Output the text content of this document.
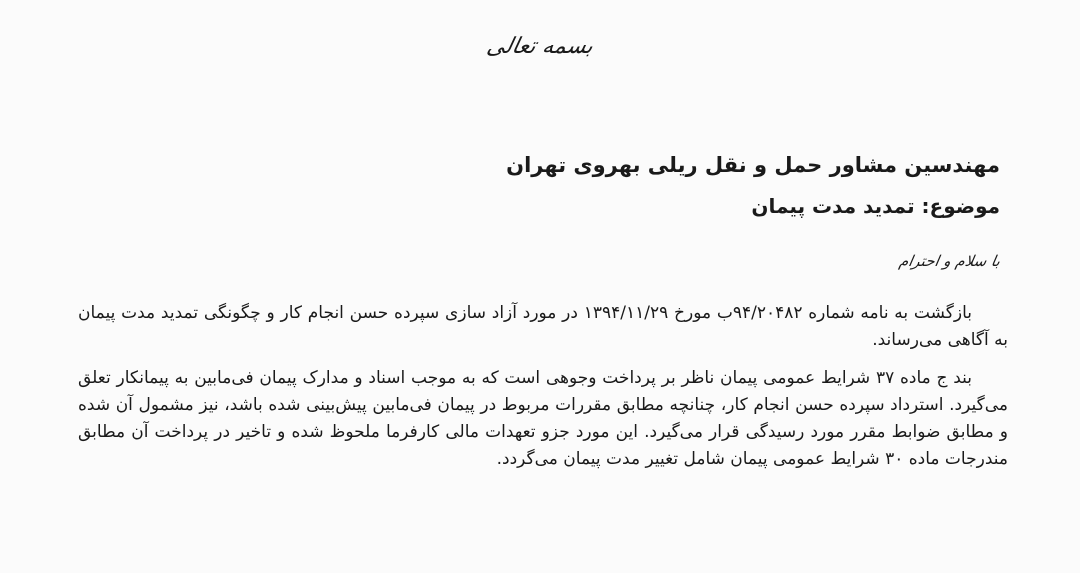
بسمه تعالی
مهندسین مشاور حمل و نقل ریلی بهروی تهران
موضوع: تمدید مدت پیمان
با سلام و احترام

بازگشت به نامه شماره ۹۴/۲۰۴۸۲ب مورخ ۱۳۹۴/۱۱/۲۹ در مورد آزاد سازی سپرده حسن انجام کار و چگونگی تمدید مدت پیمان به آگاهی می‌رساند.

بند ج ماده ۳۷ شرایط عمومی پیمان ناظر بر پرداخت وجوهی است که به موجب اسناد و مدارک پیمان فی‌مابین به پیمانکار تعلق می‌گیرد. استرداد سپرده حسن انجام کار، چنانچه مطابق مقررات مربوط در پیمان فی‌مابین پیش‌بینی شده باشد، نیز مشمول آن شده و مطابق ضوابط مقرر مورد رسیدگی قرار می‌گیرد. این مورد جزو تعهدات مالی کارفرما ملحوظ شده و تاخیر در پرداخت آن مطابق مندرجات ماده ۳۰ شرایط عمومی پیمان شامل تغییر مدت پیمان می‌گردد.
